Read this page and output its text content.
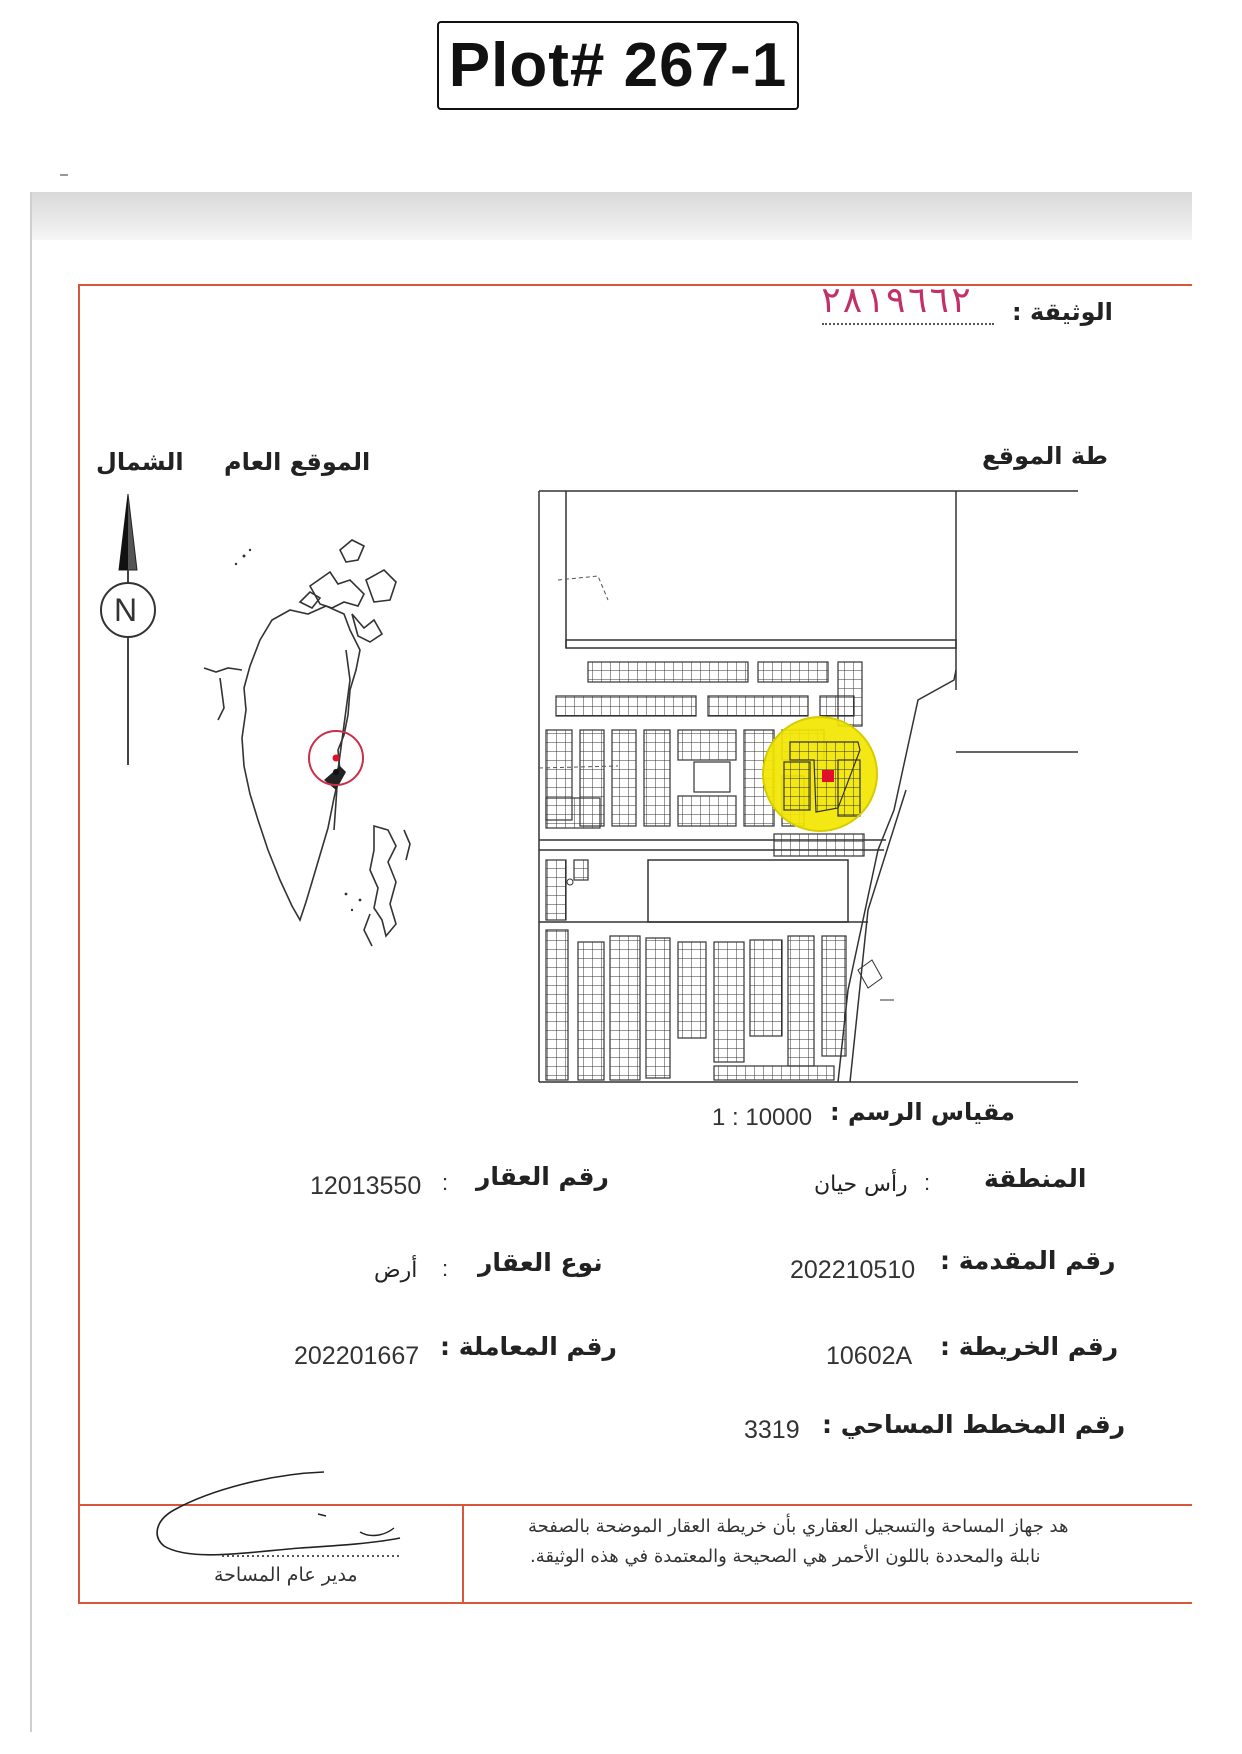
Plot# 267-1
الوثيقة :
٢٨١٩٦٦٢
الشمال الموقع العام	طة الموقع
N
مقياس الرسم :
1 : 10000
المنطقة
:
رأس حيان
رقم العقار
:
12013550
رقم المقدمة :
202210510
نوع العقار
:
أرض
رقم الخريطة :
10602A
رقم المعاملة :
202201667
رقم المخطط المساحي :
3319
هد جهاز المساحة والتسجيل العقاري بأن خريطة العقار الموضحة بالصفحة
نابلة والمحددة باللون الأحمر هي الصحيحة والمعتمدة في هذه الوثيقة.
مدير عام المساحة
